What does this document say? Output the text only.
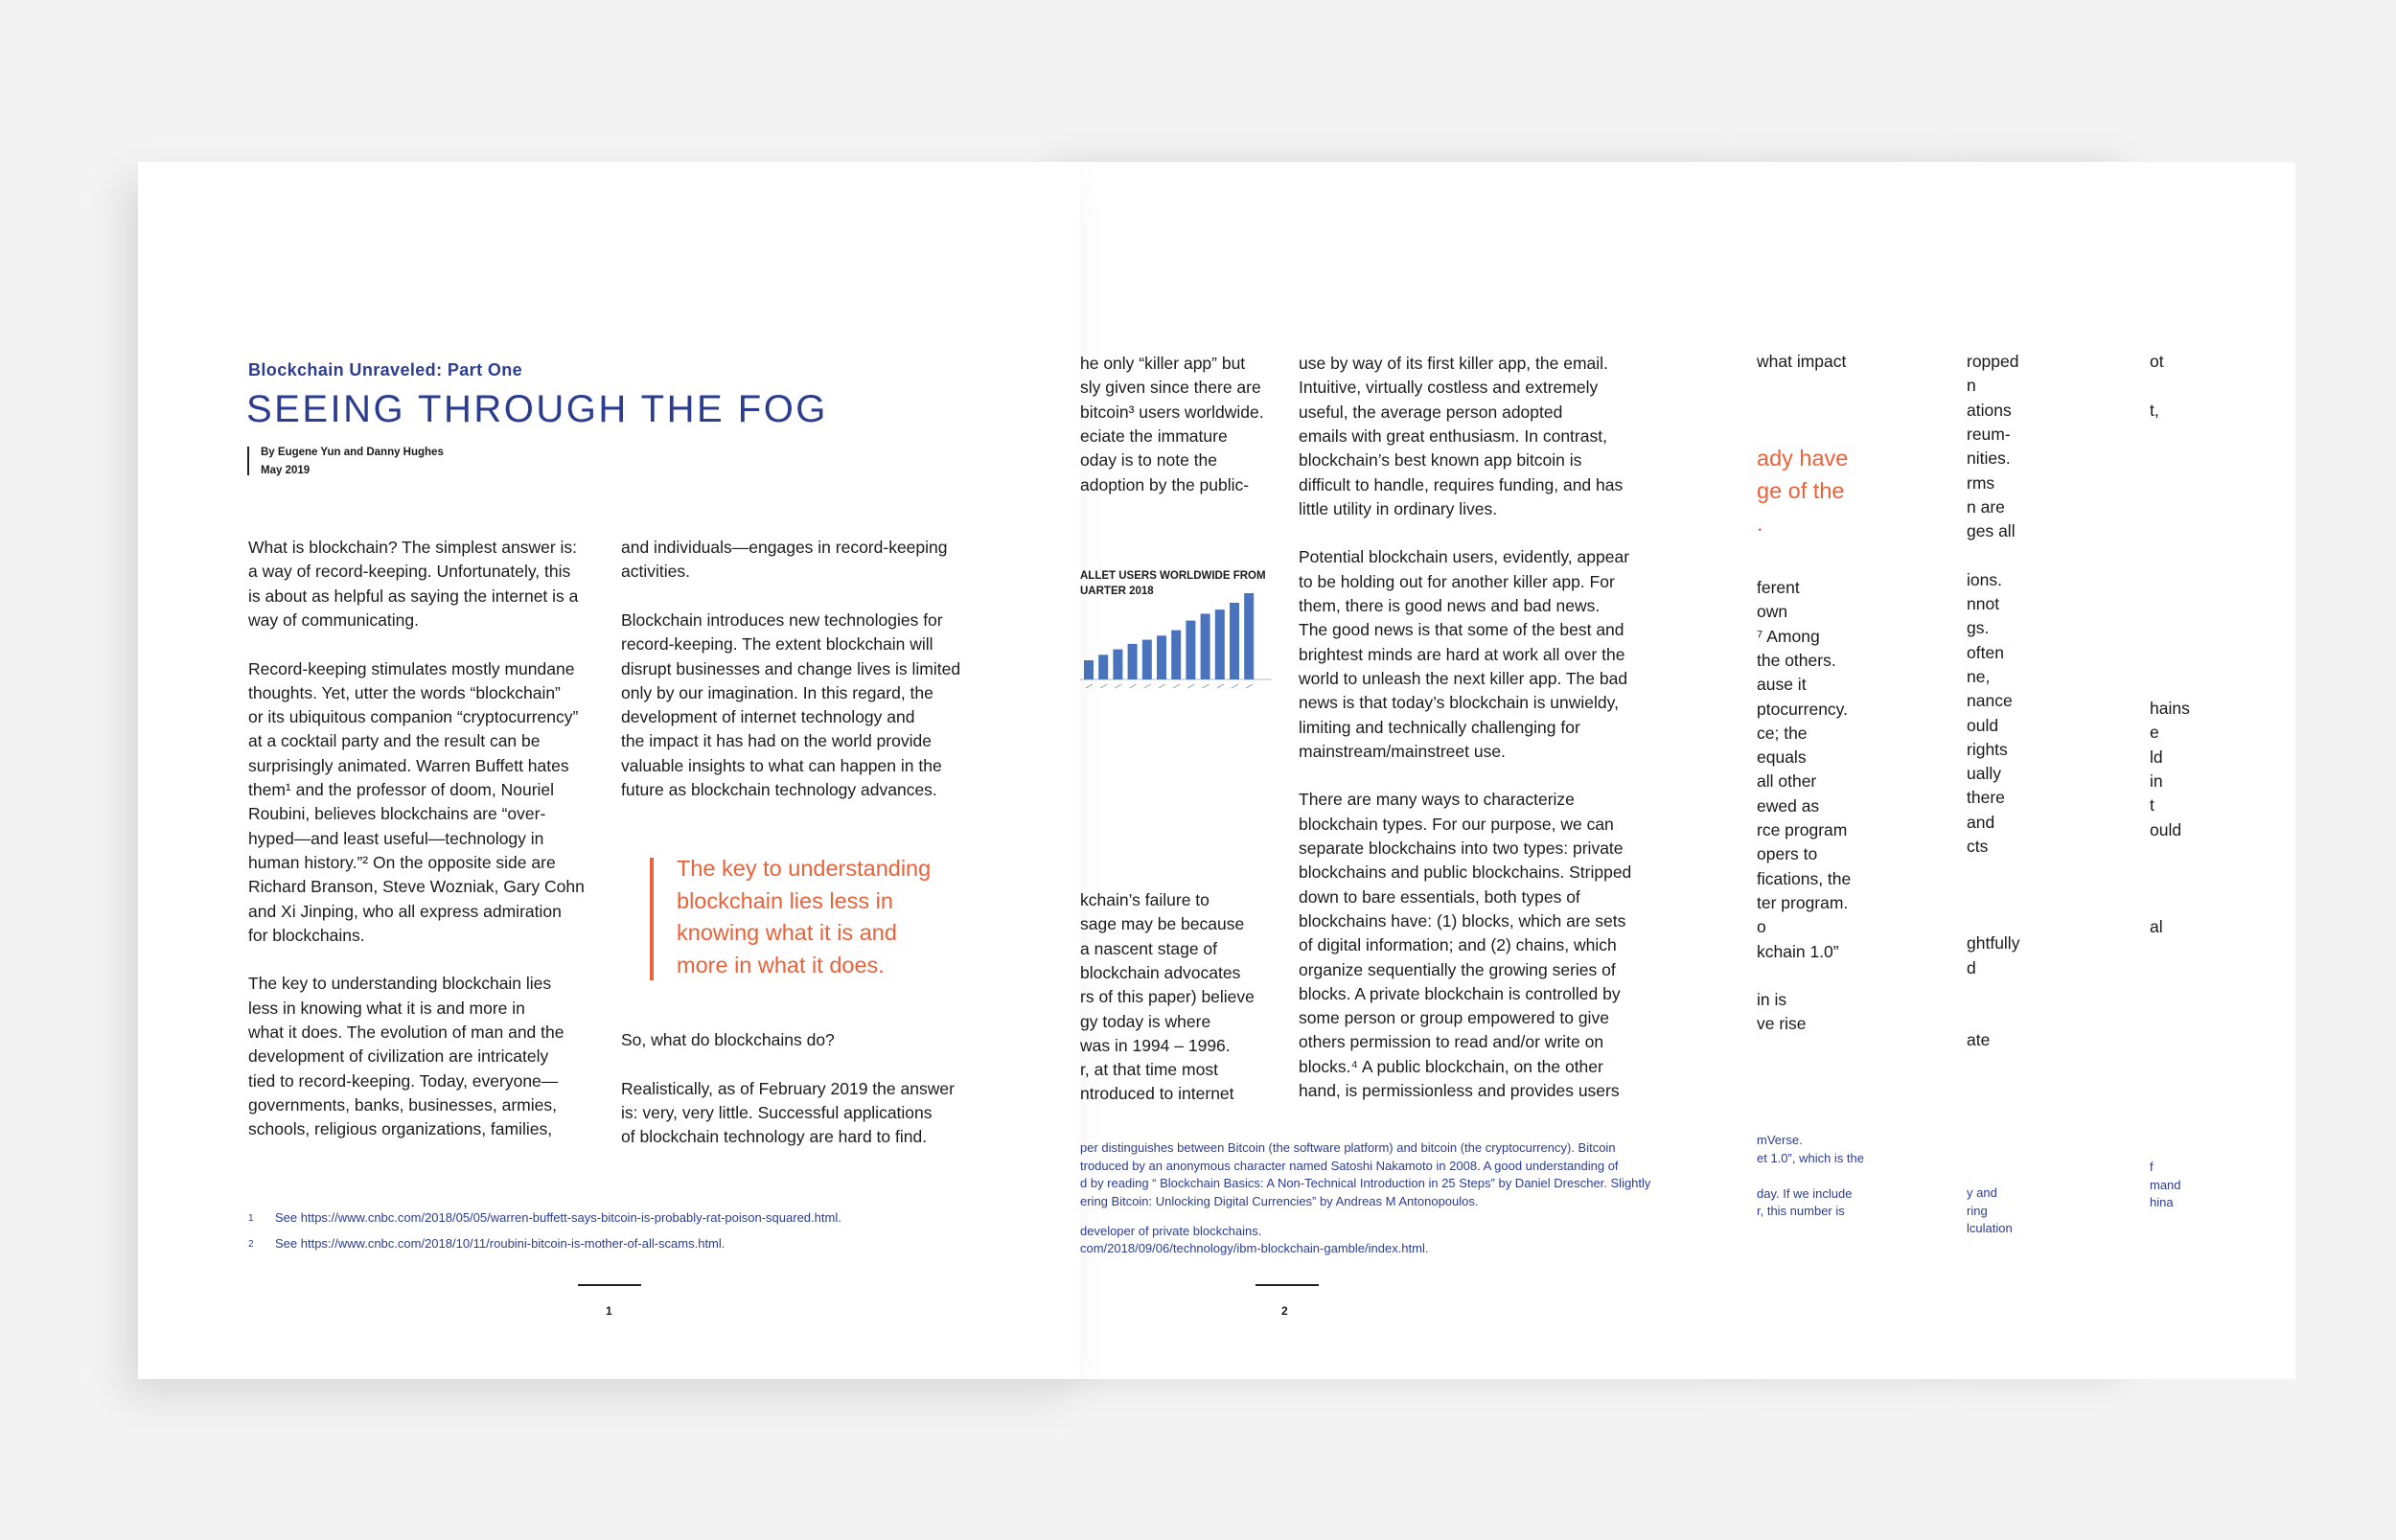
ot
t,
hains
e
ld
in
t
ould
al
f
mand
hina
ropped
n
ations
reum-
nities.
rms
n are
ges all
ions.
nnot
gs.
often
ne,
nance
ould
rights
ually
there
and
cts
ghtfully
d
ate
y and
ring
lculation
what impact
ady have
ge of the
.
ferent
own
⁷ Among
the others.
ause it
ptocurrency.
ce; the
equals
all other
ewed as
rce program
opers to
fications, the
ter program.
o
kchain 1.0”
in is
ve rise
mVerse.
et 1.0”, which is the
day. If we include
r, this number is
he only “killer app” but
sly given since there are
bitcoin³ users worldwide.
eciate the immature
oday is to note the
adoption by the public-
ALLET USERS WORLDWIDE FROM
UARTER 2018
kchain’s failure to
sage may be because
a nascent stage of
blockchain advocates
rs of this paper) believe
gy today is where
was in 1994 – 1996.
r, at that time most
ntroduced to internet
use by way of its first killer app, the email.
Intuitive, virtually costless and extremely
useful, the average person adopted
emails with great enthusiasm. In contrast,
blockchain’s best known app bitcoin is
difficult to handle, requires funding, and has
little utility in ordinary lives.
Potential blockchain users, evidently, appear
to be holding out for another killer app. For
them, there is good news and bad news.
The good news is that some of the best and
brightest minds are hard at work all over the
world to unleash the next killer app. The bad
news is that today’s blockchain is unwieldy,
limiting and technically challenging for
mainstream/mainstreet use.
There are many ways to characterize
blockchain types. For our purpose, we can
separate blockchains into two types: private
blockchains and public blockchains. Stripped
down to bare essentials, both types of
blockchains have: (1) blocks, which are sets
of digital information; and (2) chains, which
organize sequentially the growing series of
blocks. A private blockchain is controlled by
some person or group empowered to give
others permission to read and/or write on
blocks.⁴ A public blockchain, on the other
hand, is permissionless and provides users
per distinguishes between Bitcoin (the software platform) and bitcoin (the cryptocurrency). Bitcoin
troduced by an anonymous character named Satoshi Nakamoto in 2008. A good understanding of
d by reading “ Blockchain Basics: A Non-Technical Introduction in 25 Steps” by Daniel Drescher. Slightly
ering Bitcoin: Unlocking Digital Currencies” by Andreas M Antonopoulos.
developer of private blockchains.
com/2018/09/06/technology/ibm-blockchain-gamble/index.html.
2
Blockchain Unraveled: Part One
SEEING THROUGH THE FOG
By Eugene Yun and Danny Hughes
May 2019
What is blockchain? The simplest answer is:
a way of record-keeping. Unfortunately, this
is about as helpful as saying the internet is a
way of communicating.
Record-keeping stimulates mostly mundane
thoughts. Yet, utter the words “blockchain”
or its ubiquitous companion “cryptocurrency”
at a cocktail party and the result can be
surprisingly animated. Warren Buffett hates
them¹ and the professor of doom, Nouriel
Roubini, believes blockchains are “over-
hyped—and least useful—technology in
human history.”² On the opposite side are
Richard Branson, Steve Wozniak, Gary Cohn
and Xi Jinping, who all express admiration
for blockchains.
The key to understanding blockchain lies
less in knowing what it is and more in
what it does. The evolution of man and the
development of civilization are intricately
tied to record-keeping. Today, everyone—
governments, banks, businesses, armies,
schools, religious organizations, families,
and individuals—engages in record-keeping
activities.
Blockchain introduces new technologies for
record-keeping. The extent blockchain will
disrupt businesses and change lives is limited
only by our imagination. In this regard, the
development of internet technology and
the impact it has had on the world provide
valuable insights to what can happen in the
future as blockchain technology advances.
The key to understanding
blockchain lies less in
knowing what it is and
more in what it does.
So, what do blockchains do?
Realistically, as of February 2019 the answer
is: very, very little. Successful applications
of blockchain technology are hard to find.
1 See https://www.cnbc.com/2018/05/05/warren-buffett-says-bitcoin-is-probably-rat-poison-squared.html.
2 See https://www.cnbc.com/2018/10/11/roubini-bitcoin-is-mother-of-all-scams.html.
1
